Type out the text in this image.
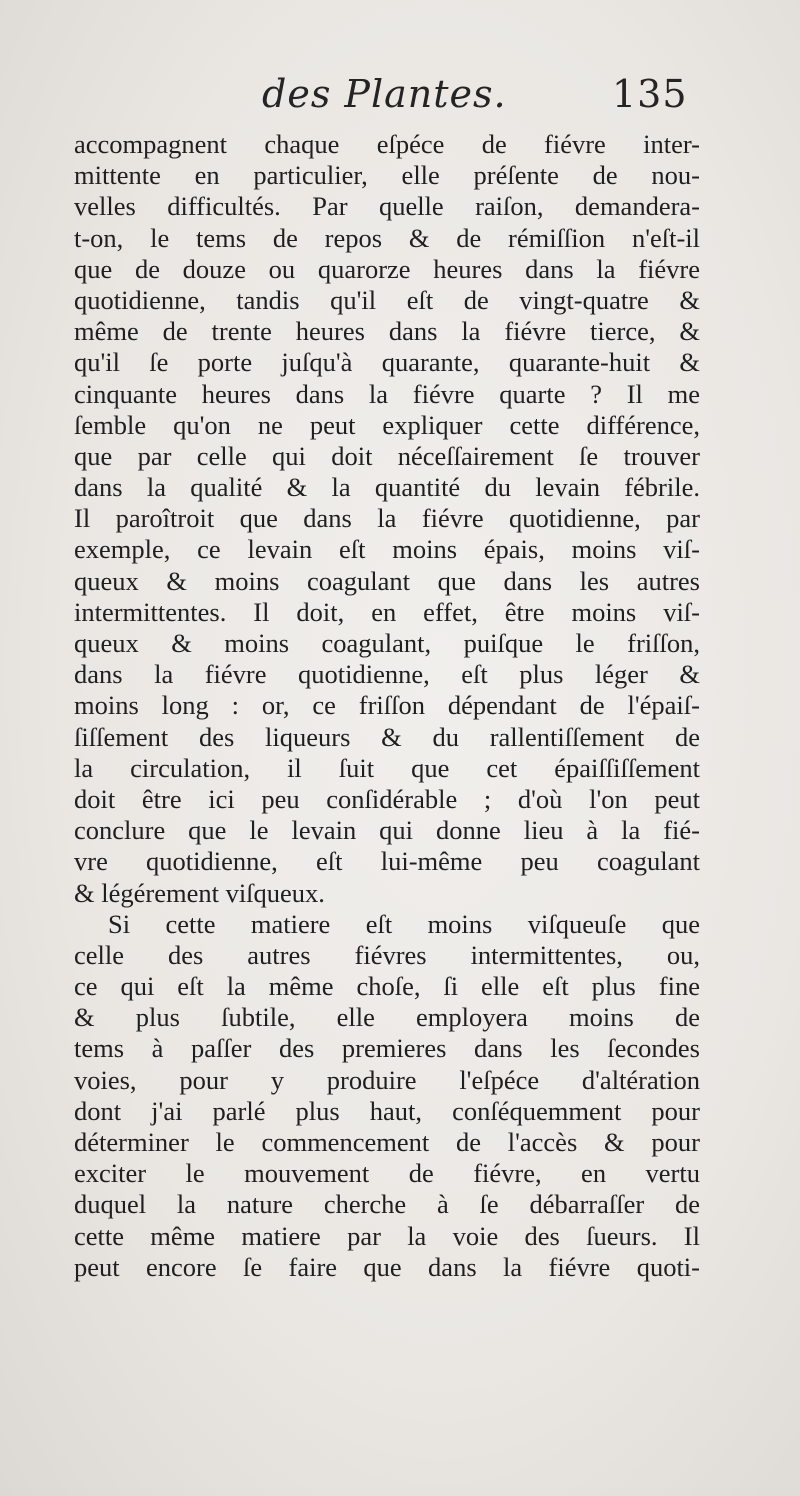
des Plantes.	135
accompagnent chaque eſpéce de fiévre inter-
mittente en particulier, elle préſente de nou-
velles difficultés. Par quelle raiſon, demandera-
t-on, le tems de repos & de rémiſſion n'eſt-il
que de douze ou quarorze heures dans la fiévre
quotidienne, tandis qu'il eſt de vingt-quatre &
même de trente heures dans la fiévre tierce, &
qu'il ſe porte juſqu'à quarante, quarante-huit &
cinquante heures dans la fiévre quarte ? Il me
ſemble qu'on ne peut expliquer cette différence,
que par celle qui doit néceſſairement ſe trouver
dans la qualité & la quantité du levain fébrile.
Il paroîtroit que dans la fiévre quotidienne, par
exemple, ce levain eſt moins épais, moins viſ-
queux & moins coagulant que dans les autres
intermittentes. Il doit, en effet, être moins viſ-
queux & moins coagulant, puiſque le friſſon,
dans la fiévre quotidienne, eſt plus léger &
moins long : or, ce friſſon dépendant de l'épaiſ-
ſiſſement des liqueurs & du rallentiſſement de
la circulation, il ſuit que cet épaiſſiſſement
doit être ici peu conſidérable ; d'où l'on peut
conclure que le levain qui donne lieu à la fié-
vre quotidienne, eſt lui-même peu coagulant
& légérement viſqueux.
Si cette matiere eſt moins viſqueuſe que
celle des autres fiévres intermittentes, ou,
ce qui eſt la même choſe, ſi elle eſt plus fine
& plus ſubtile, elle employera moins de
tems à paſſer des premieres dans les ſecondes
voies, pour y produire l'eſpéce d'altération
dont j'ai parlé plus haut, conſéquemment pour
déterminer le commencement de l'accès & pour
exciter le mouvement de fiévre, en vertu
duquel la nature cherche à ſe débarraſſer de
cette même matiere par la voie des ſueurs. Il
peut encore ſe faire que dans la fiévre quoti-
